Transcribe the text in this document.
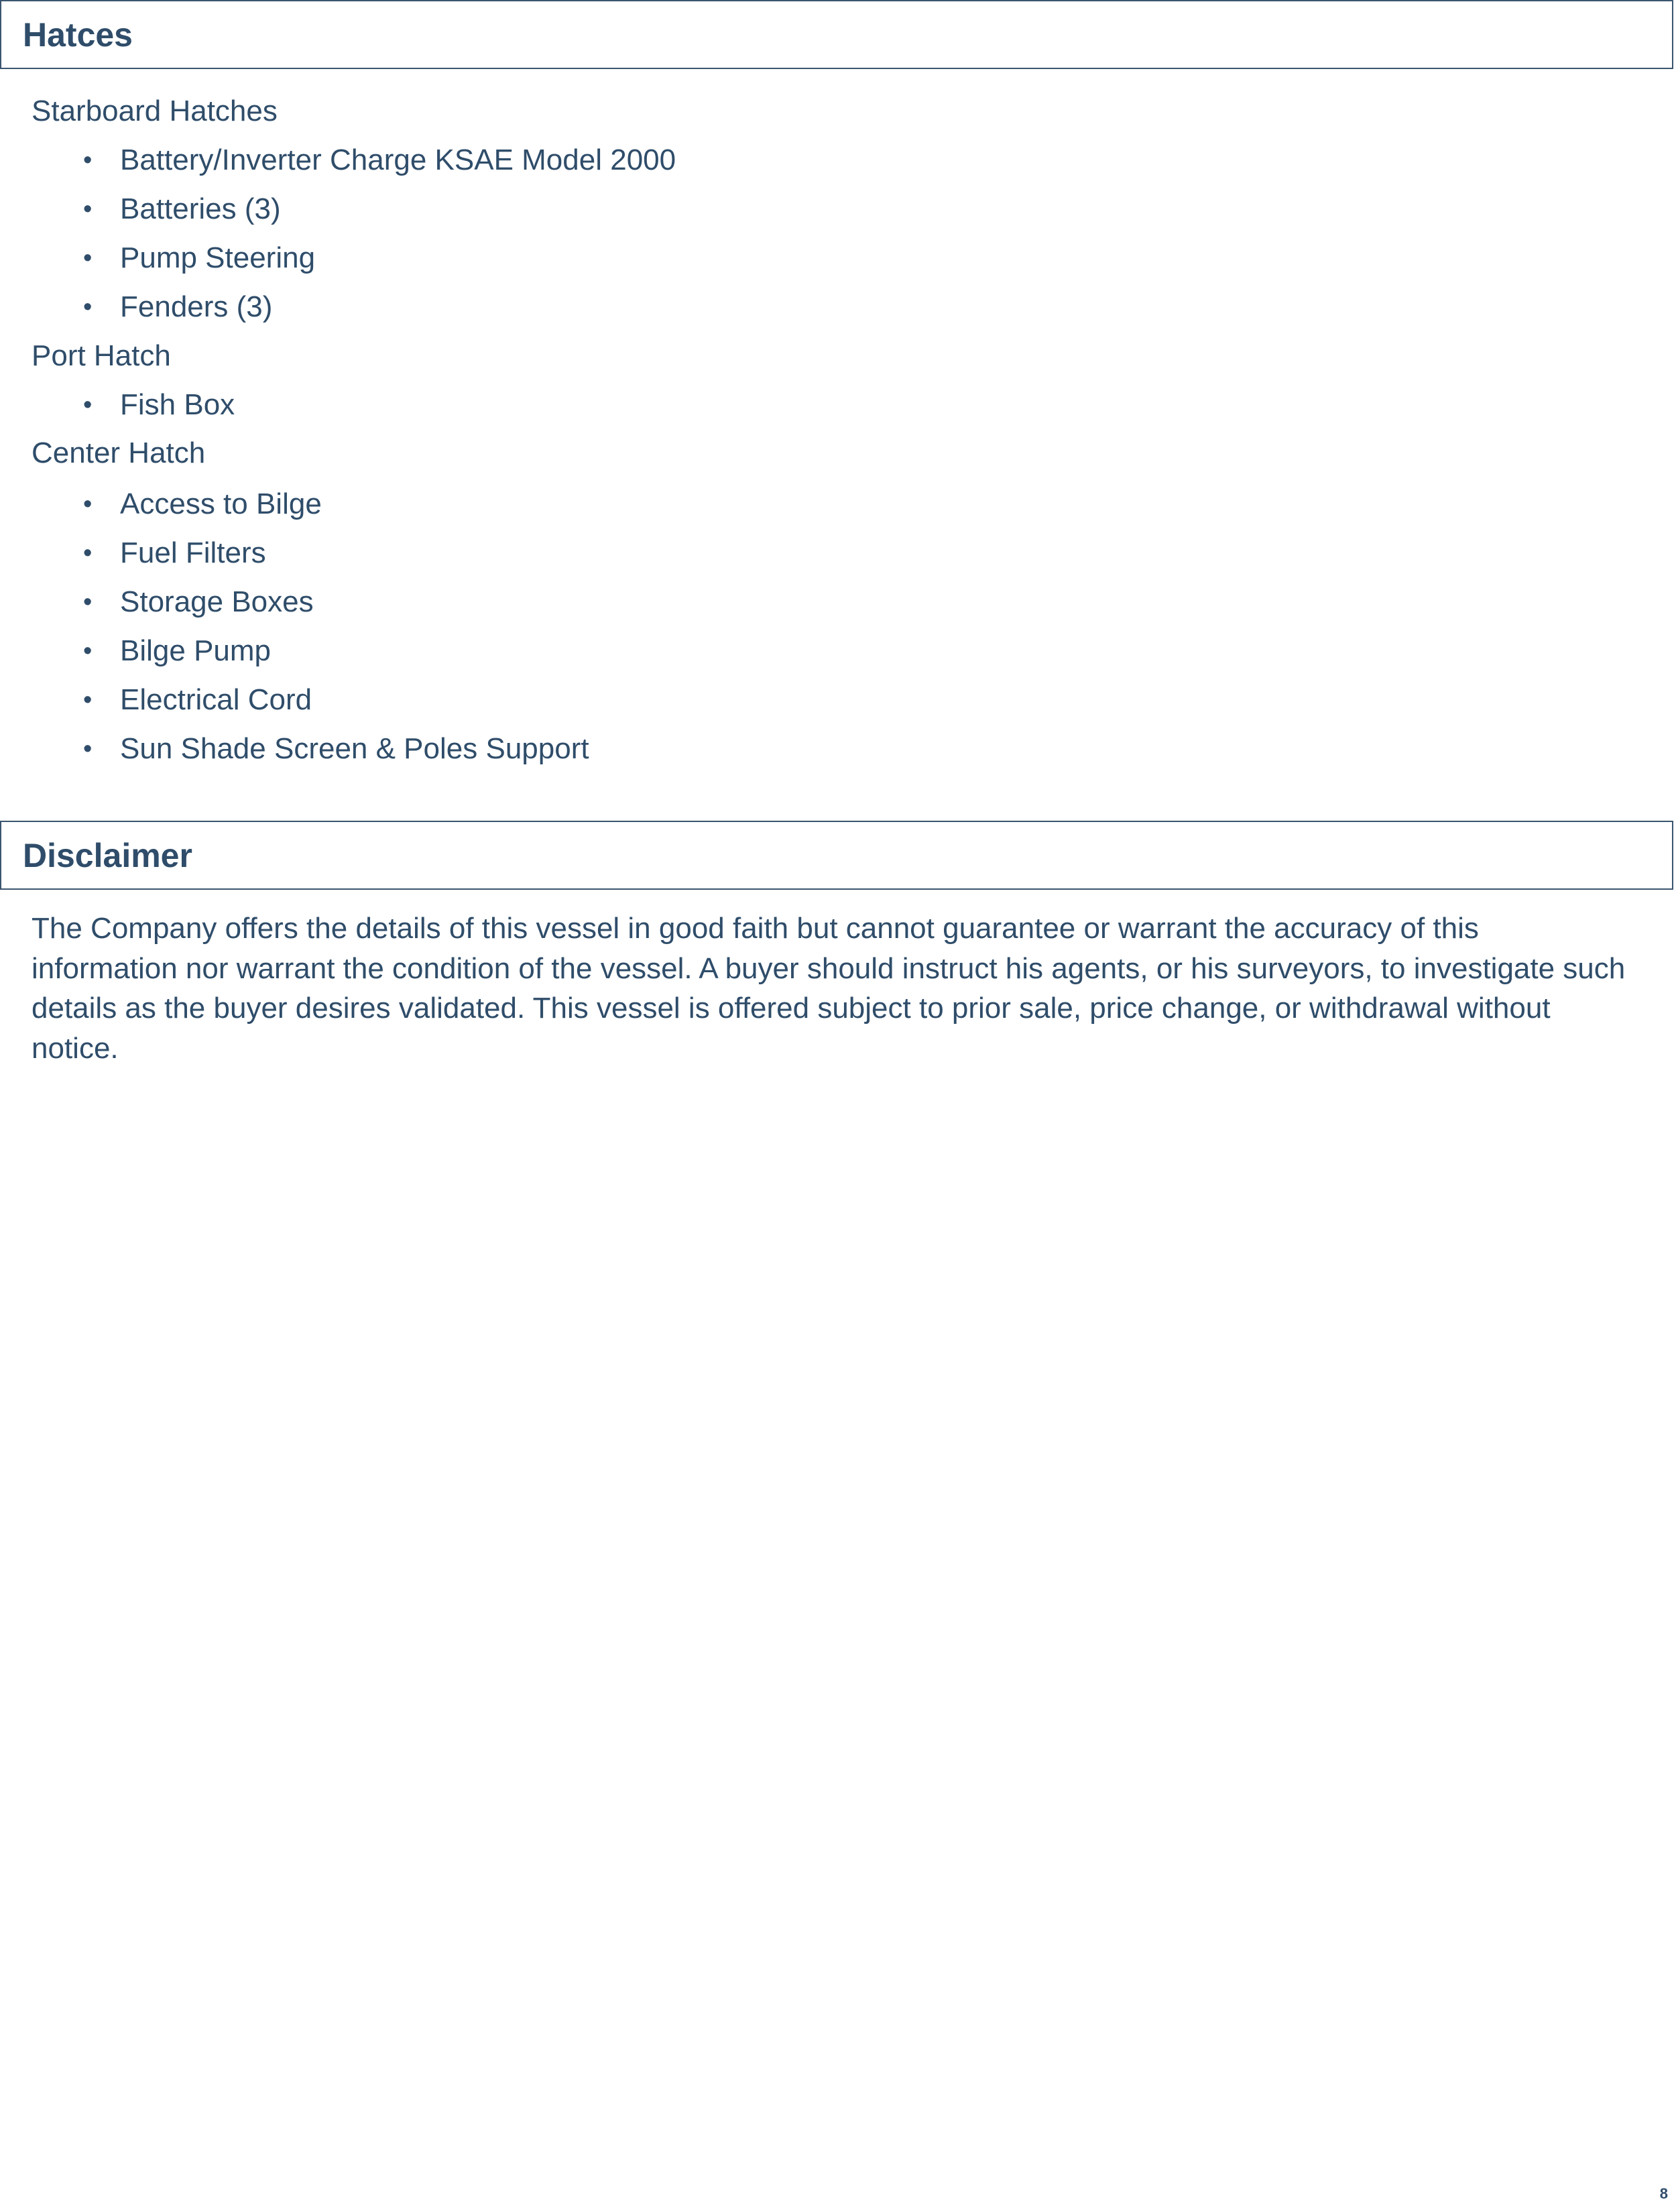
Hatces

Starboard Hatches

• Battery/Inverter Charge KSAE Model 2000
• Batteries (3)
• Pump Steering
• Fenders (3)

Port Hatch

• Fish Box

Center Hatch

• Access to Bilge
• Fuel Filters
• Storage Boxes
• Bilge Pump
• Electrical Cord
• Sun Shade Screen & Poles Support
Disclaimer

The Company offers the details of this vessel in good faith but cannot guarantee or warrant the accuracy of this information nor warrant the condition of the vessel. A buyer should instruct his agents, or his surveyors, to investigate such details as the buyer desires validated. This vessel is offered subject to prior sale, price change, or withdrawal without notice.

8
